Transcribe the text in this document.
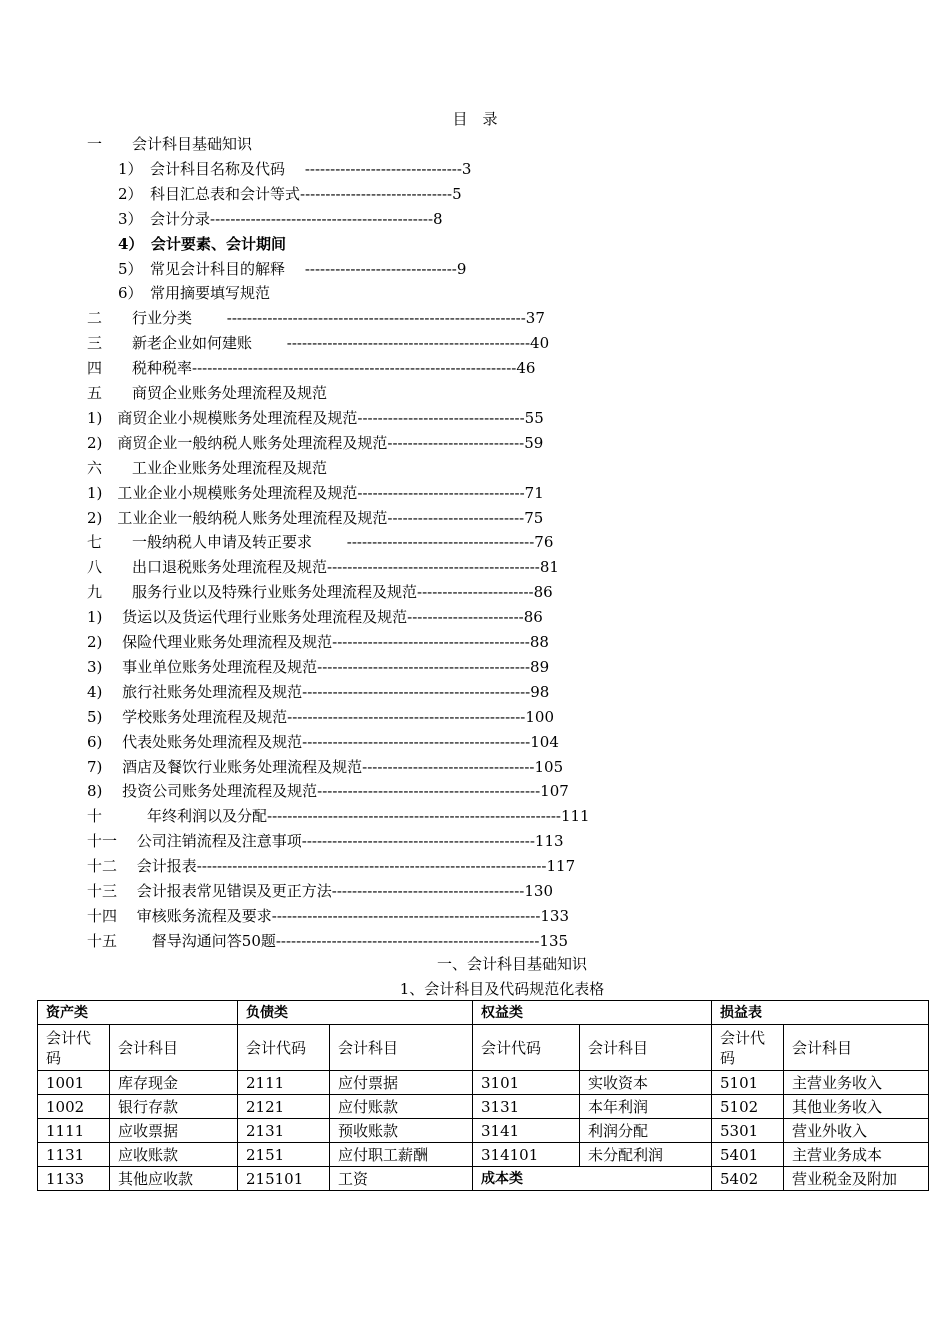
目　录
一　　会计科目基础知识
1）　会计科目名称及代码　 -------------------------------3
2）　科目汇总表和会计等式------------------------------5
3）　会计分录--------------------------------------------8
4）　会计要素、会计期间
5）　常见会计科目的解释　 ------------------------------9
6）　常用摘要填写规范
二　　行业分类　　 -----------------------------------------------------------37
三　　新老企业如何建账　　 ------------------------------------------------40
四　　税种税率----------------------------------------------------------------46
五　　商贸企业账务处理流程及规范
1)　商贸企业小规模账务处理流程及规范---------------------------------55
2)　商贸企业一般纳税人账务处理流程及规范---------------------------59
六　　工业企业账务处理流程及规范
1)　工业企业小规模账务处理流程及规范---------------------------------71
2)　工业企业一般纳税人账务处理流程及规范---------------------------75
七　　一般纳税人申请及转正要求　　 -------------------------------------76
八　　出口退税账务处理流程及规范------------------------------------------81
九　　服务行业以及特殊行业账务处理流程及规范-----------------------86
1)　 货运以及货运代理行业账务处理流程及规范-----------------------86
2)　 保险代理业账务处理流程及规范---------------------------------------88
3)　 事业单位账务处理流程及规范------------------------------------------89
4)　 旅行社账务处理流程及规范---------------------------------------------98
5)　 学校账务处理流程及规范-----------------------------------------------100
6)　 代表处账务处理流程及规范---------------------------------------------104
7)　 酒店及餐饮行业账务处理流程及规范----------------------------------105
8)　 投资公司账务处理流程及规范--------------------------------------------107
十　　　年终利润以及分配----------------------------------------------------------111
十一　 公司注销流程及注意事项----------------------------------------------113
十二　 会计报表---------------------------------------------------------------------117
十三　 会计报表常见错误及更正方法--------------------------------------130
十四　 审核账务流程及要求-----------------------------------------------------133
十五　　 督导沟通问答50题----------------------------------------------------135
一、会计科目基础知识
1、会计科目及代码规范化表格
资产类		负债类		权益类		损益表	
会计代码	会计科目	会计代码	会计科目	会计代码	会计科目	会计代码	会计科目
1001	库存现金	2111	应付票据	3101	实收资本	5101	主营业务收入
1002	银行存款	2121	应付账款	3131	本年利润	5102	其他业务收入
1111	应收票据	2131	预收账款	3141	利润分配	5301	营业外收入
1131	应收账款	2151	应付职工薪酬	314101	未分配利润	5401	主营业务成本
1133	其他应收款	215101	工资	成本类		5402	营业税金及附加
